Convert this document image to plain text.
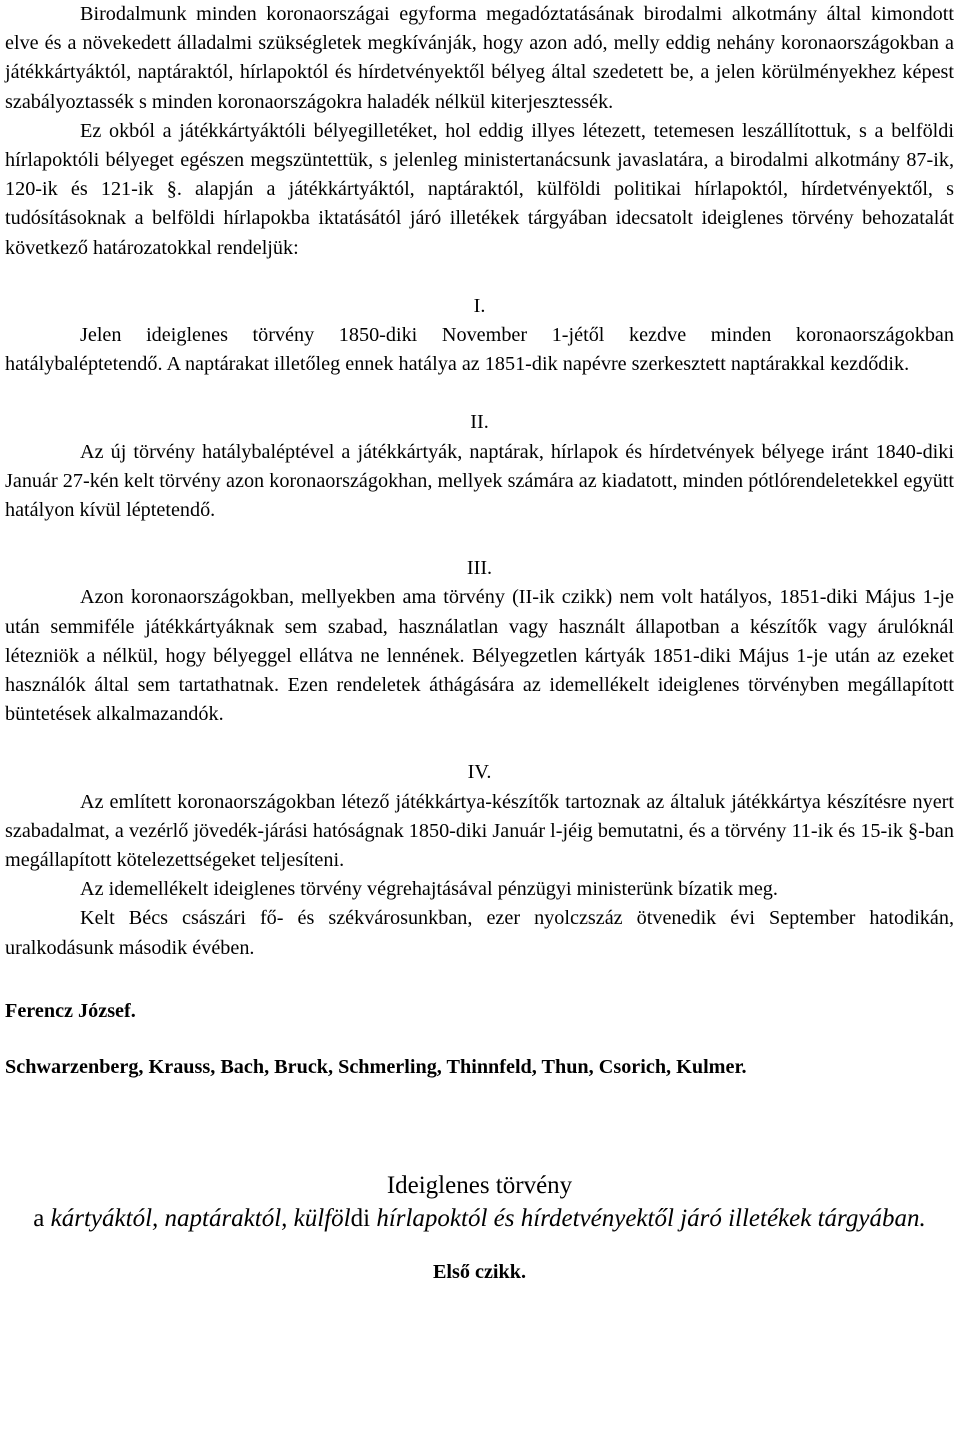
Birodalmunk minden koronaországai egyforma megadóztatásának birodalmi alkotmány által kimondott elve és a növekedett álladalmi szükségletek megkívánják, hogy azon adó, melly eddig nehány koronaországokban a játékkártyáktól, naptáraktól, hírlapoktól és hírdetvényektől bélyeg által szedetett be, a jelen körülményekhez képest szabályoztassék s minden koronaországokra haladék nélkül kiterjesztessék.

Ez okból a játékkártyáktóli bélyegilletéket, hol eddig illyes létezett, tetemesen leszállítottuk, s a belföldi hírlapoktóli bélyeget egészen megszüntettük, s jelenleg ministertanácsunk javaslatára, a birodalmi alkotmány 87-ik, 120-ik és 121-ik §. alapján a játékkártyáktól, naptáraktól, külföldi politikai hírlapoktól, hírdetvényektől, s tudósításoknak a belföldi hírlapokba iktatásától járó illetékek tárgyában idecsatolt ideiglenes törvény behozatalát következő határozatokkal rendeljük:

I.

Jelen ideiglenes törvény 1850-diki November 1-jétől kezdve minden koronaországokban hatálybaléptetendő. A naptárakat illetőleg ennek hatálya az 1851-dik napévre szerkesztett naptárakkal kezdődik.

II.

Az új törvény hatálybaléptével a játékkártyák, naptárak, hírlapok és hírdetvények bélyege iránt 1840-diki Január 27-kén kelt törvény azon koronaországokhan, mellyek számára az kiadatott, minden pótlórendeletekkel együtt hatályon kívül léptetendő.

III.

Azon koronaországokban, mellyekben ama törvény (II-ik czikk) nem volt hatályos, 1851-diki Május 1-je után semmiféle játékkártyáknak sem szabad, használatlan vagy használt állapotban a készítők vagy árulóknál létezniök a nélkül, hogy bélyeggel ellátva ne lennének. Bélyegzetlen kártyák 1851-diki Május 1-je után az ezeket használók által sem tartathatnak. Ezen rendeletek áthágására az idemellékelt ideiglenes törvényben megállapított büntetések alkalmazandók.

IV.

Az említett koronaországokban létező játékkártya-készítők tartoznak az általuk játékkártya készítésre nyert szabadalmat, a vezérlő jövedék-járási hatóságnak 1850-diki Január l-jéig bemutatni, és a törvény 11-ik és 15-ik §-ban megállapított kötelezettségeket teljesíteni.

Az idemellékelt ideiglenes törvény végrehajtásával pénzügyi ministerünk bízatik meg.

Kelt Bécs császári fő- és székvárosunkban, ezer nyolczszáz ötvenedik évi September hatodikán, uralkodásunk második évében.

Ferencz József.

Schwarzenberg, Krauss, Bach, Bruck, Schmerling, Thinnfeld, Thun, Csorich, Kulmer.

Ideiglenes törvény

a kártyáktól, naptáraktól, külföldi hírlapoktól és hírdetvényektől járó illetékek tárgyában.

Első czikk.
